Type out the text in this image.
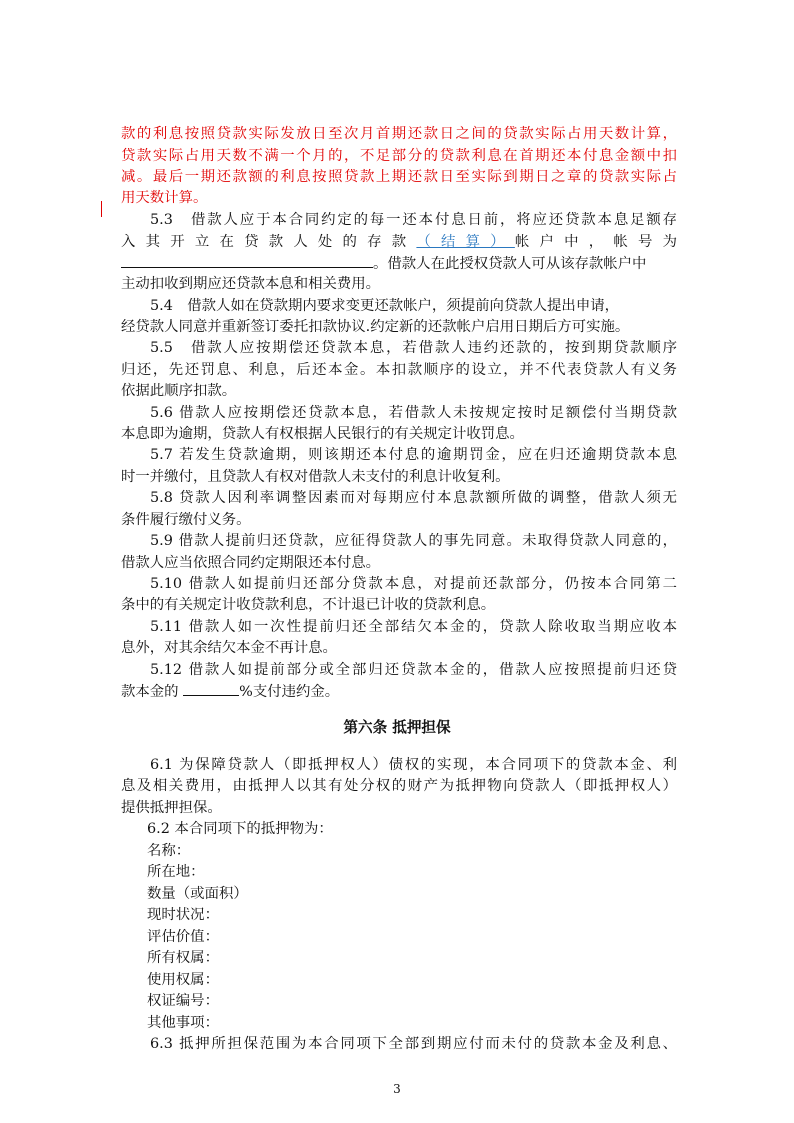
款的利息按照贷款实际发放日至次月首期还款日之间的贷款实际占用天数计算，
贷款实际占用天数不满一个月的，不足部分的贷款利息在首期还本付息金额中扣
减。最后一期还款额的利息按照贷款上期还款日至实际到期日之章的贷款实际占
用天数计算。
5.3　借款人应于本合同约定的每一还本付息日前，将应还贷款本息足额存
入其开立在贷款人处的存款（结算）帐户中，帐号为
。借款人在此授权贷款人可从该存款帐户中
主动扣收到期应还贷款本息和相关费用。
5.4　借款人如在贷款期内要求变更还款帐户，须提前向贷款人提出申请，
经贷款人同意并重新签订委托扣款协议.约定新的还款帐户启用日期后方可实施。
5.5　借款人应按期偿还贷款本息，若借款人违约还款的，按到期贷款顺序
归还，先还罚息、利息，后还本金。本扣款顺序的设立，并不代表贷款人有义务
依据此顺序扣款。
5.6 借款人应按期偿还贷款本息，若借款人未按规定按时足额偿付当期贷款
本息即为逾期，贷款人有权根据人民银行的有关规定计收罚息。
5.7 若发生贷款逾期，则该期还本付息的逾期罚金，应在归还逾期贷款本息
时一并缴付，且贷款人有权对借款人未支付的利息计收复利。
5.8 贷款人因利率调整因素而对每期应付本息款额所做的调整，借款人须无
条件履行缴付义务。
5.9 借款人提前归还贷款，应征得贷款人的事先同意。未取得贷款人同意的，
借款人应当依照合同约定期限还本付息。
5.10 借款人如提前归还部分贷款本息，对提前还款部分，仍按本合同第二
条中的有关规定计收贷款利息，不计退已计收的贷款利息。
5.11 借款人如一次性提前归还全部结欠本金的，贷款人除收取当期应收本
息外，对其余结欠本金不再计息。
5.12 借款人如提前部分或全部归还贷款本金的，借款人应按照提前归还贷
款本金的	%支付违约金。
第六条 抵押担保
6.1 为保障贷款人（即抵押权人）债权的实现，本合同项下的贷款本金、利
息及相关费用，由抵押人以其有处分权的财产为抵押物向贷款人（即抵押权人）
提供抵押担保。
6.2 本合同项下的抵押物为：
名称：
所在地：
数量（或面积）
现时状况：
评估价值：
所有权属：
使用权属：
权证编号：
其他事项：
6.3 抵押所担保范围为本合同项下全部到期应付而未付的贷款本金及利息、
3
